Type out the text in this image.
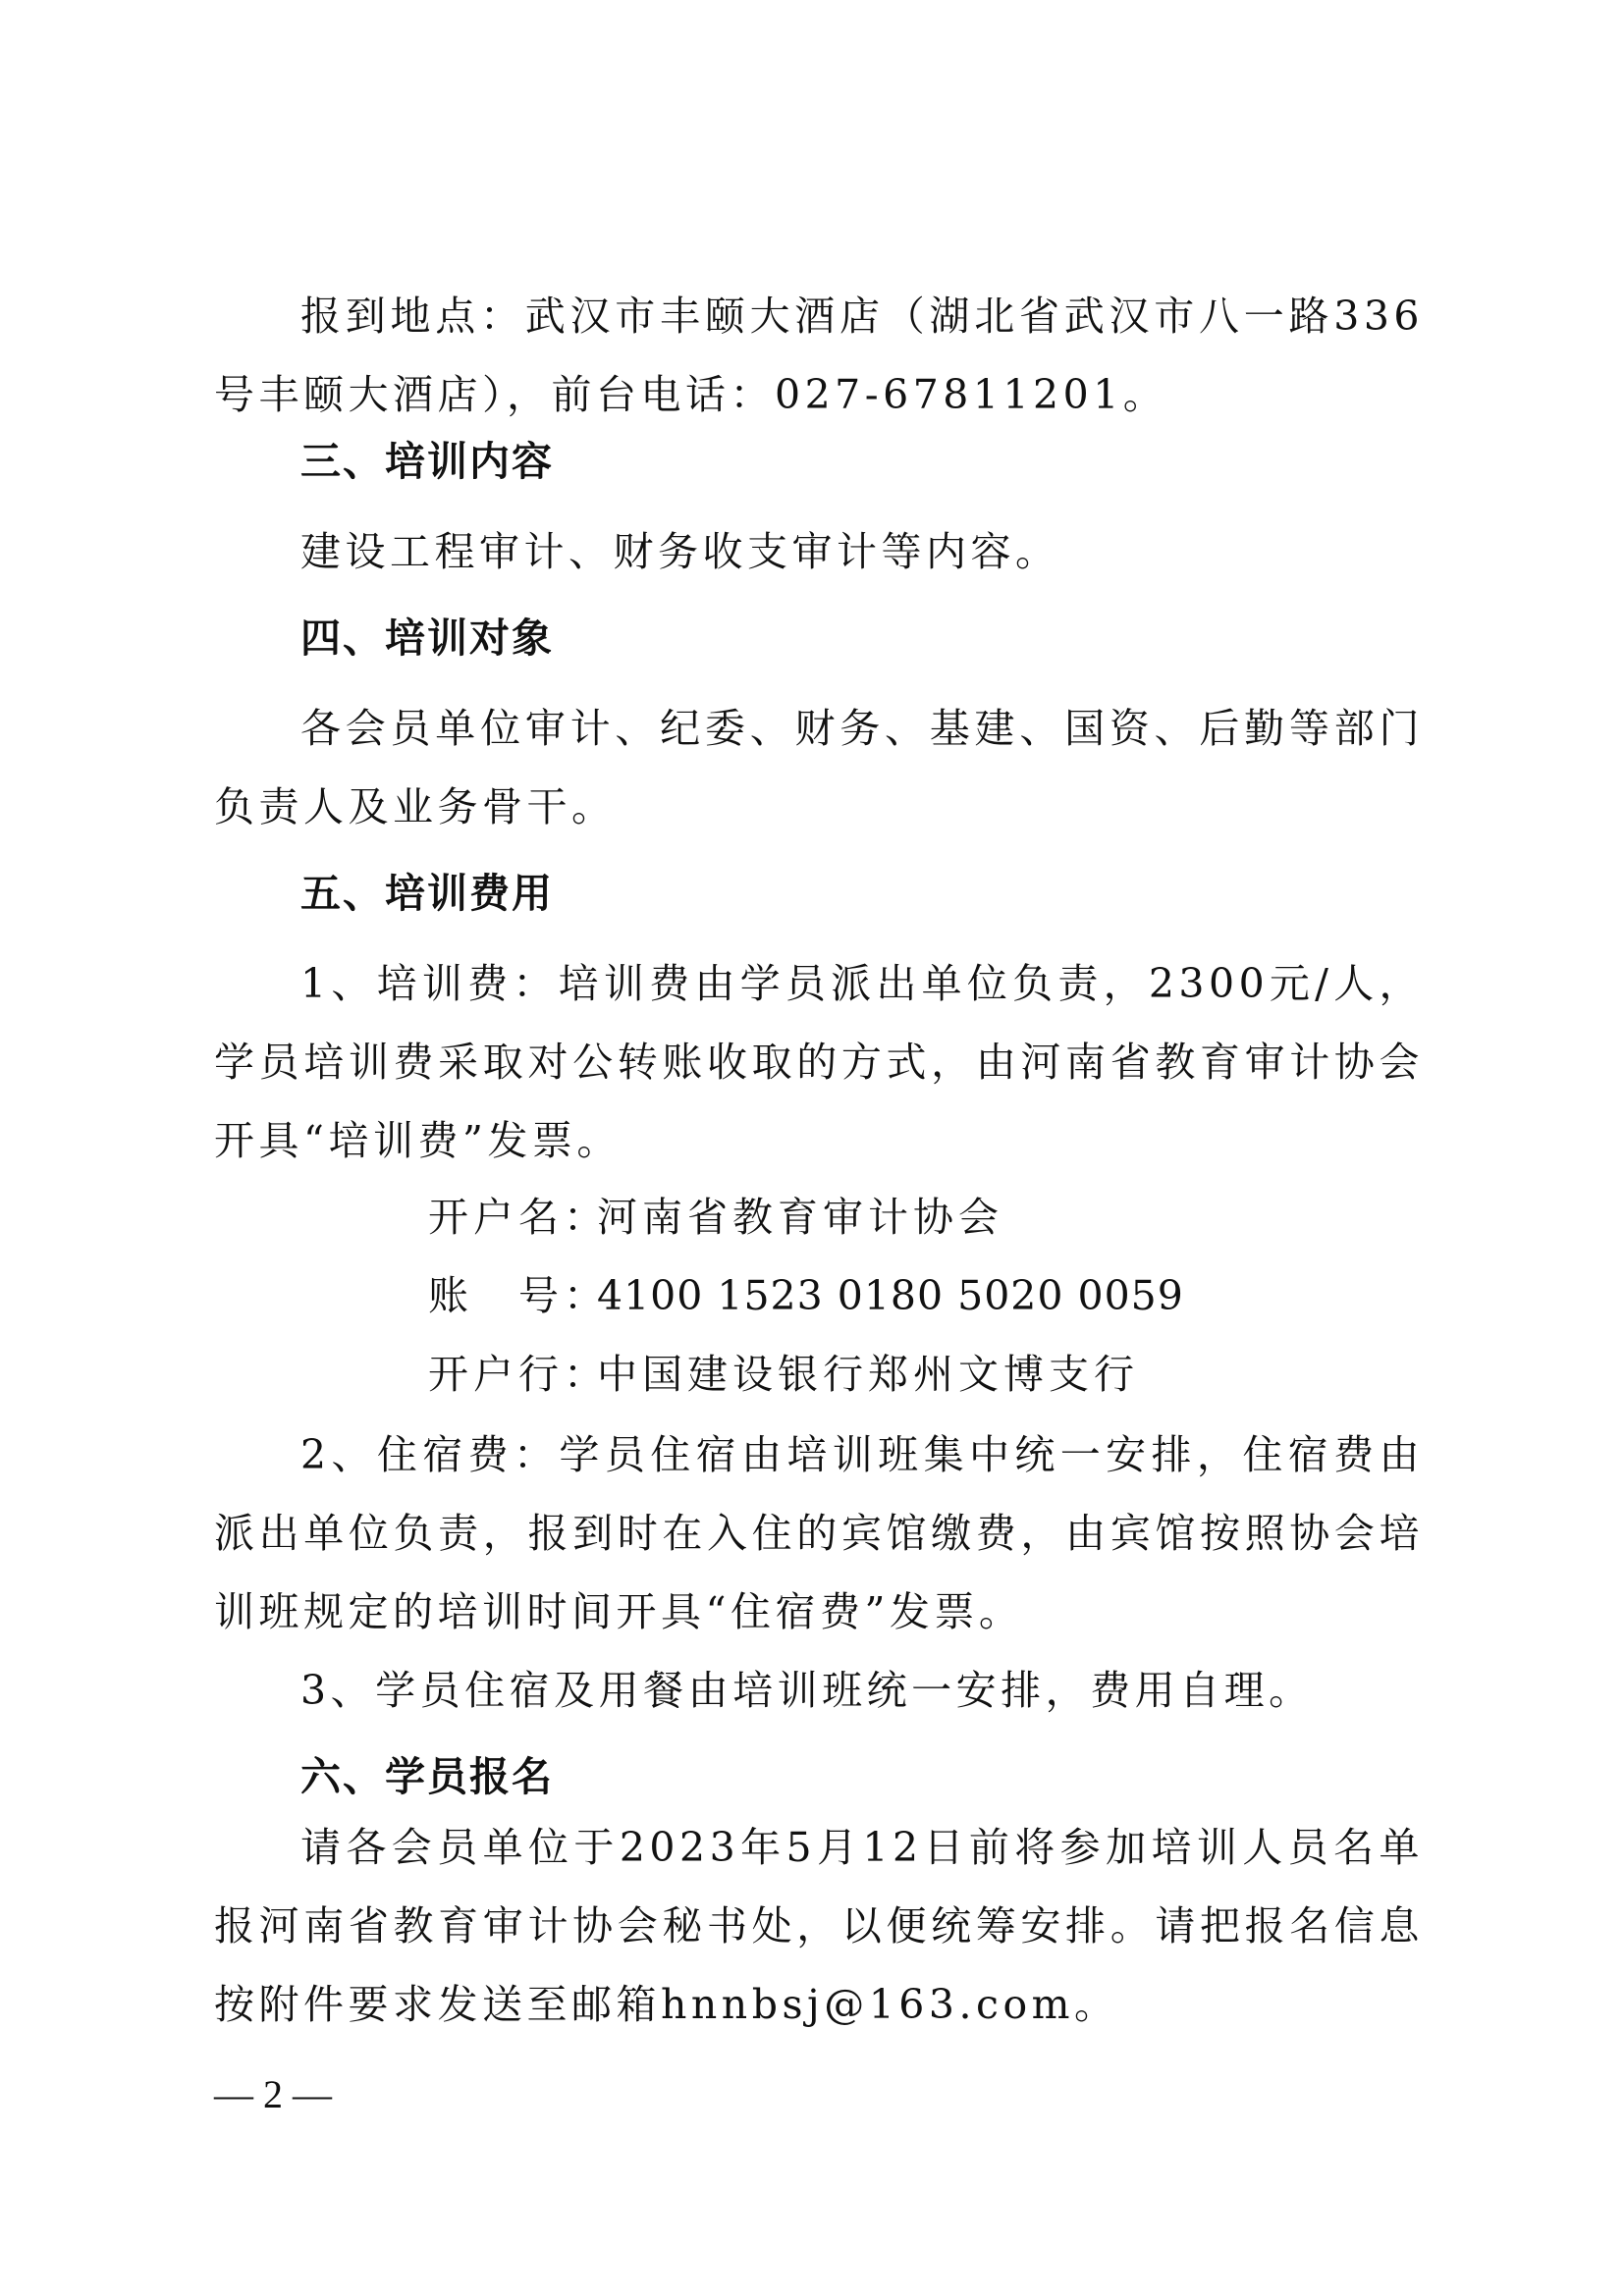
报到地点：武汉市丰颐大酒店（湖北省武汉市八一路336号丰颐大酒店），前台电话：027-67811201。
三、培训内容
建设工程审计、财务收支审计等内容。
四、培训对象
各会员单位审计、纪委、财务、基建、国资、后勤等部门负责人及业务骨干。
五、培训费用
1、培训费：培训费由学员派出单位负责，2300元/人，学员培训费采取对公转账收取的方式，由河南省教育审计协会开具“培训费”发票。
开户名：河南省教育审计协会
账　号：4100 1523 0180 5020 0059
开户行：中国建设银行郑州文博支行
2、住宿费：学员住宿由培训班集中统一安排，住宿费由派出单位负责，报到时在入住的宾馆缴费，由宾馆按照协会培训班规定的培训时间开具“住宿费”发票。
3、学员住宿及用餐由培训班统一安排，费用自理。
六、学员报名
请各会员单位于2023年5月12日前将参加培训人员名单报河南省教育审计协会秘书处，以便统筹安排。请把报名信息按附件要求发送至邮箱hnnbsj@163.com。
— 2 —
